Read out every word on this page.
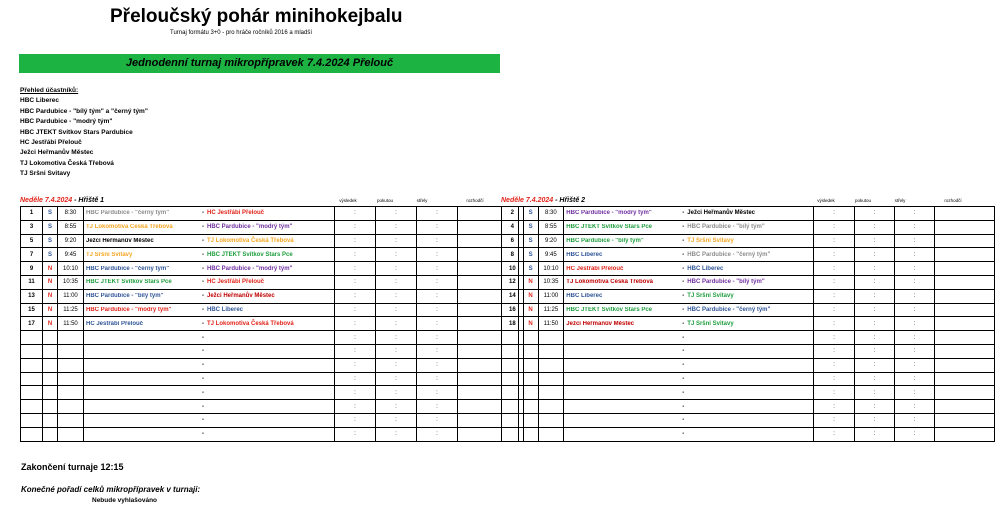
Přeloučský pohár minihokejbalu
Turnaj formátu 3+0 - pro hráče ročníků 2016 a mladší
Jednodenní turnaj mikropřípravek 7.4.2024 Přelouč
Přehled účastníků:
HBC Liberec
HBC Pardubice - "bílý tým" a "černý tým"
HBC Pardubice - "modrý tým"
HBC JTEKT Svítkov Stars Pardubice
HC Jestřábi Přelouč
Ježci Heřmanův Městec
TJ Lokomotiva Česká Třebová
TJ Sršni Svitavy
Neděle 7.4.2024 - Hřiště 1	výsledek	pokutou	střely	rozhodčí	Neděle 7.4.2024 - Hřiště 2	výsledek	pokutou	střely	rozhodčí
1	S	8:30	HBC Pardubice - "černý tým" - HC Jestřábi Přelouč	:	:	:	
3	S	8:55	TJ Lokomotiva Česká Třebová - HBC Pardubice - "modrý tým"	:	:	:	
5	S	9:20	Ježci Heřmanův Městec - TJ Lokomotiva Česká Třebová	:	:	:	
7	S	9:45	TJ Sršni Svitavy - HBC JTEKT Svítkov Stars Pce	:	:	:	
9	N	10:10	HBC Pardubice - "černý tým" - HBC Pardubice - "modrý tým"	:	:	:	
11	N	10:35	HBC JTEKT Svítkov Stars Pce - HC Jestřábi Přelouč	:	:	:	
13	N	11:00	HBC Pardubice - "bílý tým" - Ježci Heřmanův Městec	:	:	:	
15	N	11:25	HBC Pardubice - "modrý tým" - HBC Liberec	:	:	:	
17	N	11:50	HC Jestřábi Přelouč - TJ Lokomotiva Česká Třebová	:	:	:	
			-	:	:	:	
			-	:	:	:	
			-	:	:	:	
			-	:	:	:	
			-	:	:	:	
			-	:	:	:	
			-	:	:	:	
			-	:	:	:	
2	S	8:30	HBC Pardubice - "modrý tým" - Ježci Heřmanův Městec	:	:	:	
4	S	8:55	HBC JTEKT Svítkov Stars Pce - HBC Pardubice - "bílý tým"	:	:	:	
6	S	9:20	HBC Pardubice - "bílý tým" - TJ Sršni Svitavy	:	:	:	
8	S	9:45	HBC Liberec - HBC Pardubice - "černý tým"	:	:	:	
10	S	10:10	HC Jestřábi Přelouč - HBC Liberec	:	:	:	
12	N	10:35	TJ Lokomotiva Česká Třebová - HBC Pardubice - "bílý tým"	:	:	:	
14	N	11:00	HBC Liberec - TJ Sršni Svitavy	:	:	:	
16	N	11:25	HBC JTEKT Svítkov Stars Pce - HBC Pardubice - "černý tým"	:	:	:	
18	N	11:50	Ježci Heřmanův Městec - TJ Sršni Svitavy	:	:	:	
			-	:	:	:	
			-	:	:	:	
			-	:	:	:	
			-	:	:	:	
			-	:	:	:	
			-	:	:	:	
			-	:	:	:	
			-	:	:	:	
Zakončení turnaje 12:15
Konečné pořadí celků mikropřípravek v turnaji:
Nebude vyhlašováno
